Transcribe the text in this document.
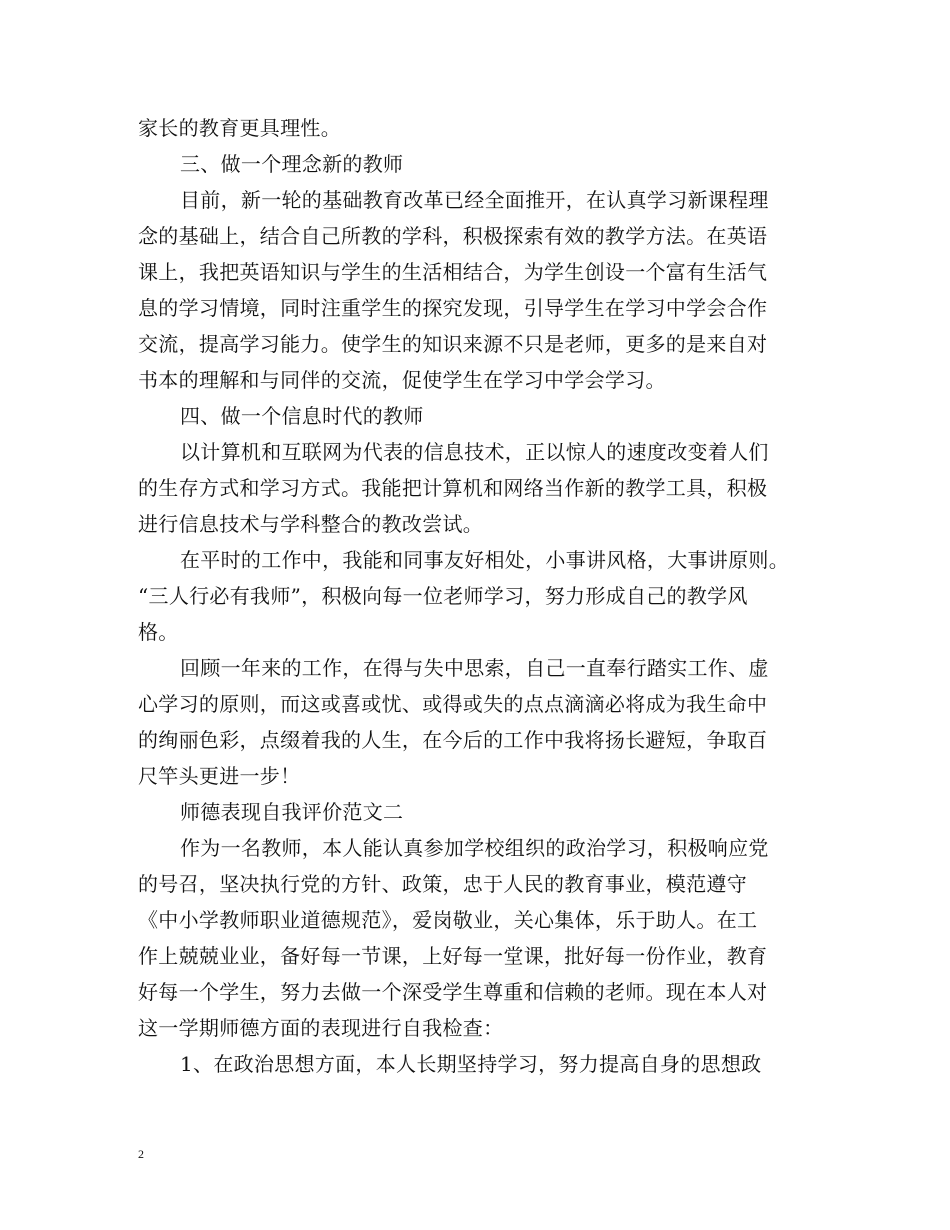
家长的教育更具理性。
三、做一个理念新的教师
目前，新一轮的基础教育改革已经全面推开，在认真学习新课程理
念的基础上，结合自己所教的学科，积极探索有效的教学方法。在英语
课上，我把英语知识与学生的生活相结合，为学生创设一个富有生活气
息的学习情境，同时注重学生的探究发现，引导学生在学习中学会合作
交流，提高学习能力。使学生的知识来源不只是老师，更多的是来自对
书本的理解和与同伴的交流，促使学生在学习中学会学习。
四、做一个信息时代的教师
以计算机和互联网为代表的信息技术，正以惊人的速度改变着人们
的生存方式和学习方式。我能把计算机和网络当作新的教学工具，积极
进行信息技术与学科整合的教改尝试。
在平时的工作中，我能和同事友好相处，小事讲风格，大事讲原则。
“三人行必有我师”，积极向每一位老师学习，努力形成自己的教学风
格。
回顾一年来的工作，在得与失中思索，自己一直奉行踏实工作、虚
心学习的原则，而这或喜或忧、或得或失的点点滴滴必将成为我生命中
的绚丽色彩，点缀着我的人生，在今后的工作中我将扬长避短，争取百
尺竿头更进一步！
师德表现自我评价范文二
作为一名教师，本人能认真参加学校组织的政治学习，积极响应党
的号召，坚决执行党的方针、政策，忠于人民的教育事业，模范遵守
《中小学教师职业道德规范》，爱岗敬业，关心集体，乐于助人。在工
作上兢兢业业，备好每一节课，上好每一堂课，批好每一份作业，教育
好每一个学生，努力去做一个深受学生尊重和信赖的老师。现在本人对
这一学期师德方面的表现进行自我检查：
1、在政治思想方面，本人长期坚持学习，努力提高自身的思想政
2
